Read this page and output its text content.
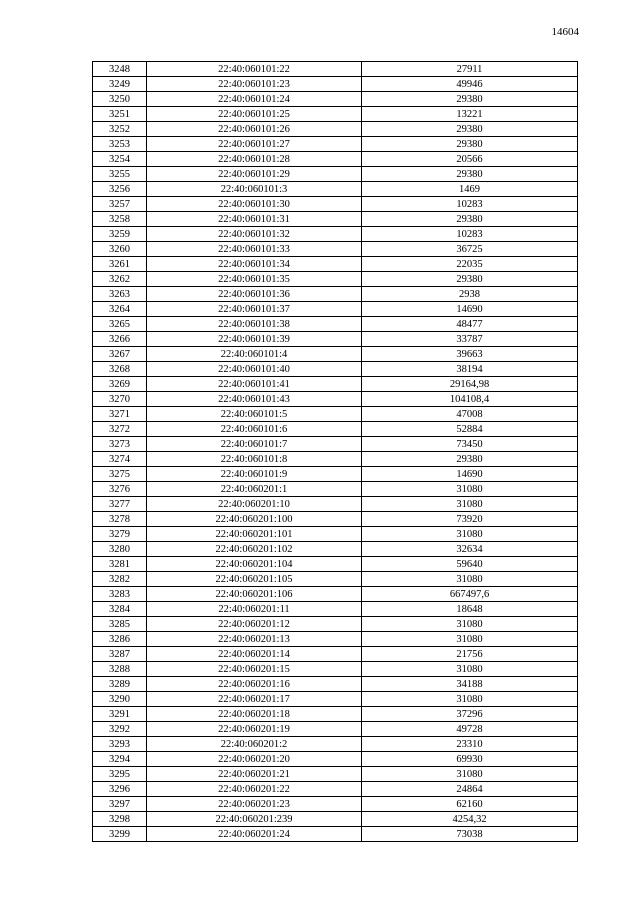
14604
3248	22:40:060101:22	27911
3249	22:40:060101:23	49946
3250	22:40:060101:24	29380
3251	22:40:060101:25	13221
3252	22:40:060101:26	29380
3253	22:40:060101:27	29380
3254	22:40:060101:28	20566
3255	22:40:060101:29	29380
3256	22:40:060101:3	1469
3257	22:40:060101:30	10283
3258	22:40:060101:31	29380
3259	22:40:060101:32	10283
3260	22:40:060101:33	36725
3261	22:40:060101:34	22035
3262	22:40:060101:35	29380
3263	22:40:060101:36	2938
3264	22:40:060101:37	14690
3265	22:40:060101:38	48477
3266	22:40:060101:39	33787
3267	22:40:060101:4	39663
3268	22:40:060101:40	38194
3269	22:40:060101:41	29164,98
3270	22:40:060101:43	104108,4
3271	22:40:060101:5	47008
3272	22:40:060101:6	52884
3273	22:40:060101:7	73450
3274	22:40:060101:8	29380
3275	22:40:060101:9	14690
3276	22:40:060201:1	31080
3277	22:40:060201:10	31080
3278	22:40:060201:100	73920
3279	22:40:060201:101	31080
3280	22:40:060201:102	32634
3281	22:40:060201:104	59640
3282	22:40:060201:105	31080
3283	22:40:060201:106	667497,6
3284	22:40:060201:11	18648
3285	22:40:060201:12	31080
3286	22:40:060201:13	31080
3287	22:40:060201:14	21756
3288	22:40:060201:15	31080
3289	22:40:060201:16	34188
3290	22:40:060201:17	31080
3291	22:40:060201:18	37296
3292	22:40:060201:19	49728
3293	22:40:060201:2	23310
3294	22:40:060201:20	69930
3295	22:40:060201:21	31080
3296	22:40:060201:22	24864
3297	22:40:060201:23	62160
3298	22:40:060201:239	4254,32
3299	22:40:060201:24	73038
